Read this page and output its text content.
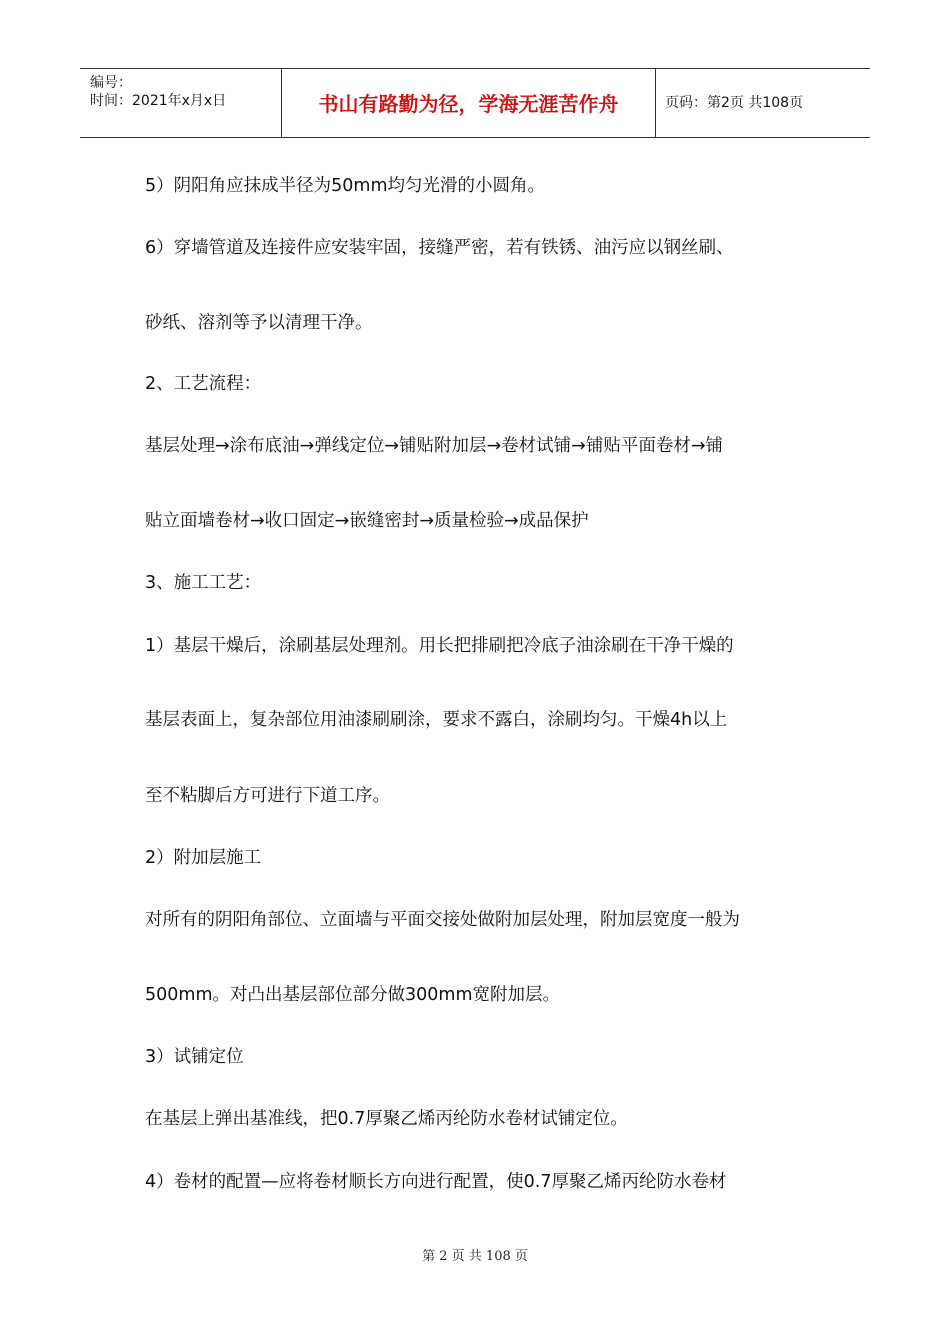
编号：
时间：2021年x月x日	书山有路勤为径，学海无涯苦作舟	页码：第2页 共108页
5）阴阳角应抹成半径为50mm均匀光滑的小圆角。
6）穿墙管道及连接件应安装牢固，接缝严密，若有铁锈、油污应以钢丝刷、
砂纸、溶剂等予以清理干净。
2、工艺流程：
基层处理→涂布底油→弹线定位→铺贴附加层→卷材试铺→铺贴平面卷材→铺
贴立面墙卷材→收口固定→嵌缝密封→质量检验→成品保护
3、施工工艺：
1）基层干燥后，涂刷基层处理剂。用长把排刷把冷底子油涂刷在干净干燥的
基层表面上，复杂部位用油漆刷刷涂，要求不露白，涂刷均匀。干燥4h以上
至不粘脚后方可进行下道工序。
2）附加层施工
对所有的阴阳角部位、立面墙与平面交接处做附加层处理，附加层宽度一般为
500mm。对凸出基层部位部分做300mm宽附加层。
3）试铺定位
在基层上弹出基准线，把0.7厚聚乙烯丙纶防水卷材试铺定位。
4）卷材的配置—应将卷材顺长方向进行配置，使0.7厚聚乙烯丙纶防水卷材
第 2 页 共 108 页
